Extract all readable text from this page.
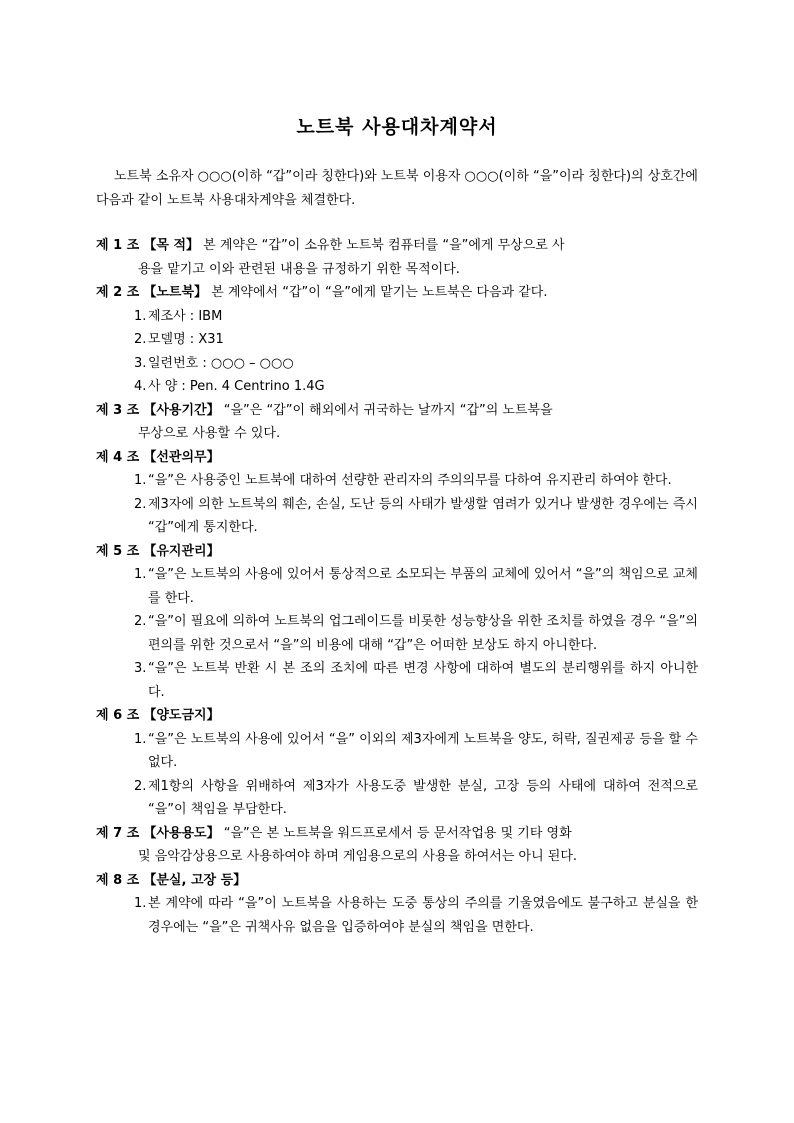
노트북 사용대차계약서
노트북 소유자 ○○○(이하 “갑”이라 칭한다)와 노트북 이용자 ○○○(이하 “을”이라 칭한다)의 상호간에 다음과 같이 노트북 사용대차계약을 체결한다.
제 1 조 【목 적】 본 계약은 “갑”이 소유한 노트북 컴퓨터를 “을”에게 무상으로 사
용을 맡기고 이와 관련된 내용을 규정하기 위한 목적이다.
제 2 조 【노트북】 본 계약에서 “갑”이 “을”에게 맡기는 노트북은 다음과 같다.
1. 제조사 : IBM
2. 모델명 : X31
3. 일련번호 : ○○○ – ○○○
4. 사 양 : Pen. 4 Centrino 1.4G
제 3 조 【사용기간】 “을”은 “갑”이 해외에서 귀국하는 날까지 “갑”의 노트북을
무상으로 사용할 수 있다.
제 4 조 【선관의무】
1. “을”은 사용중인 노트북에 대하여 선량한 관리자의 주의의무를 다하여 유지관리 하여야 한다.
2. 제3자에 의한 노트북의 훼손, 손실, 도난 등의 사태가 발생할 염려가 있거나 발생한 경우에는 즉시 “갑”에게 통지한다.
제 5 조 【유지관리】
1. “을”은 노트북의 사용에 있어서 통상적으로 소모되는 부품의 교체에 있어서 “을”의 책임으로 교체를 한다.
2. “을”이 필요에 의하여 노트북의 업그레이드를 비롯한 성능향상을 위한 조치를 하였을 경우 “을”의 편의를 위한 것으로서 “을”의 비용에 대해 “갑”은 어떠한 보상도 하지 아니한다.
3. “을”은 노트북 반환 시 본 조의 조치에 따른 변경 사항에 대하여 별도의 분리행위를 하지 아니한다.
제 6 조 【양도금지】
1. “을”은 노트북의 사용에 있어서 “을” 이외의 제3자에게 노트북을 양도, 허락, 질권제공 등을 할 수 없다.
2. 제1항의 사항을 위배하여 제3자가 사용도중 발생한 분실, 고장 등의 사태에 대하여 전적으로 “을”이 책임을 부담한다.
제 7 조 【사용용도】 “을”은 본 노트북을 워드프로세서 등 문서작업용 및 기타 영화
및 음악감상용으로 사용하여야 하며 게임용으로의 사용을 하여서는 아니 된다.
제 8 조 【분실, 고장 등】
1. 본 계약에 따라 “을”이 노트북을 사용하는 도중 통상의 주의를 기울였음에도 불구하고 분실을 한 경우에는 “을”은 귀책사유 없음을 입증하여야 분실의 책임을 면한다.
